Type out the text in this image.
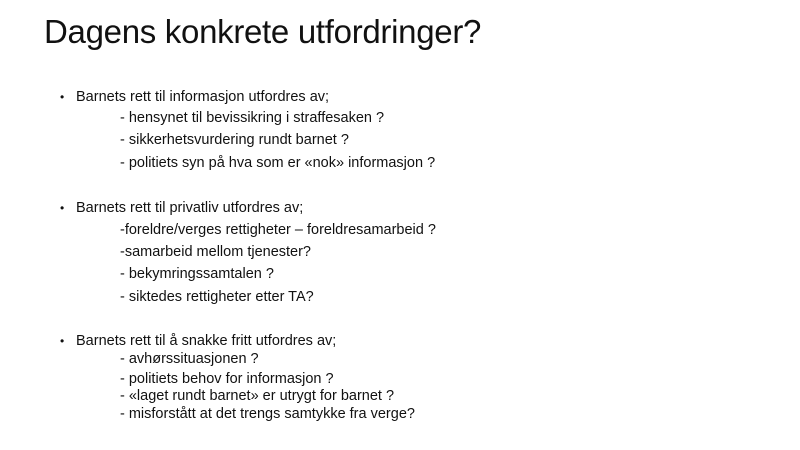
Dagens konkrete utfordringer?
• Barnets rett til informasjon utfordres av;
- hensynet til bevissikring i straffesaken ?
- sikkerhetsvurdering rundt barnet ?
- politiets syn på hva som er «nok» informasjon ?
• Barnets rett til privatliv utfordres av;
-foreldre/verges rettigheter – foreldresamarbeid ?
-samarbeid mellom tjenester?
- bekymringssamtalen ?
- siktedes rettigheter etter TA?
• Barnets rett til å snakke fritt utfordres av;
- avhørssituasjonen ?
- politiets behov for informasjon ?
- «laget rundt barnet» er utrygt for barnet ?
- misforstått at det trengs samtykke fra verge?
